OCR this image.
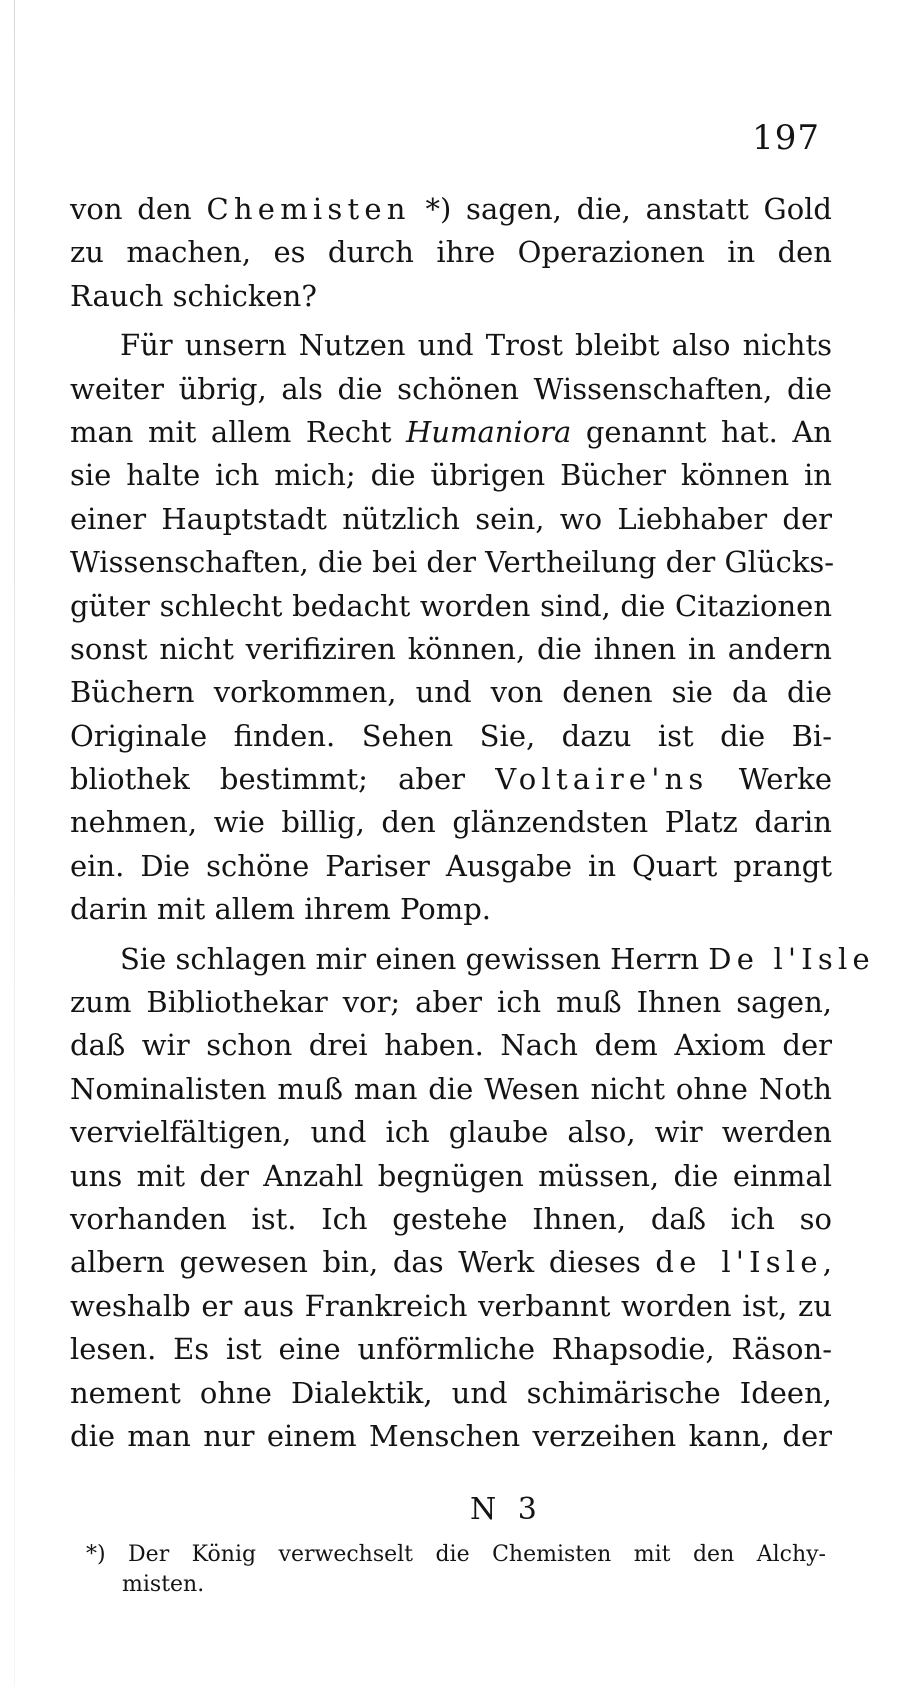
197
von den Chemisten *) sagen, die, anstatt Gold
zu machen, es durch ihre Operazionen in den
Rauch schicken?
Für unsern Nutzen und Trost bleibt also nichts
weiter übrig, als die schönen Wissenschaften, die
man mit allem Recht Humaniora genannt hat. An
sie halte ich mich; die übrigen Bücher können in
einer Hauptstadt nützlich sein, wo Liebhaber der
Wissenschaften, die bei der Vertheilung der Glücks-
güter schlecht bedacht worden sind, die Citazionen
sonst nicht verifiziren können, die ihnen in andern
Büchern vorkommen, und von denen sie da die
Originale finden. Sehen Sie, dazu ist die Bi-
bliothek bestimmt; aber Voltaire'ns Werke
nehmen, wie billig, den glänzendsten Platz darin
ein. Die schöne Pariser Ausgabe in Quart prangt
darin mit allem ihrem Pomp.
Sie schlagen mir einen gewissen Herrn De l'Isle
zum Bibliothekar vor; aber ich muß Ihnen sagen,
daß wir schon drei haben. Nach dem Axiom der
Nominalisten muß man die Wesen nicht ohne Noth
vervielfältigen, und ich glaube also, wir werden
uns mit der Anzahl begnügen müssen, die einmal
vorhanden ist. Ich gestehe Ihnen, daß ich so
albern gewesen bin, das Werk dieses de l'Isle,
weshalb er aus Frankreich verbannt worden ist, zu
lesen. Es ist eine unförmliche Rhapsodie, Räson-
nement ohne Dialektik, und schimärische Ideen,
die man nur einem Menschen verzeihen kann, der
N 3
*) Der König verwechselt die Chemisten mit den Alchy-
misten.
